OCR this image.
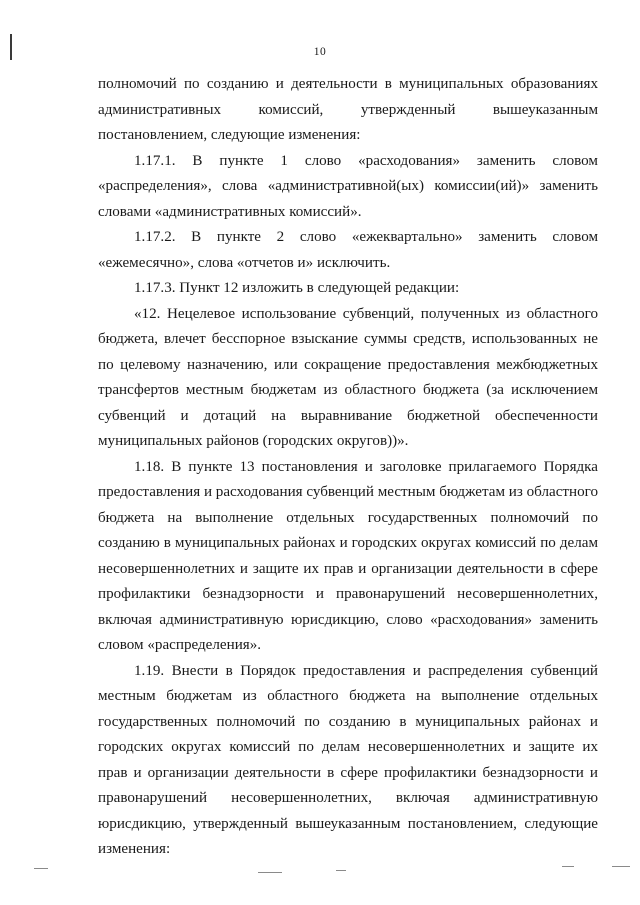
10

полномочий по созданию и деятельности в муниципальных образованиях административных комиссий, утвержденный вышеуказанным постановлением, следующие изменения:

1.17.1. В пункте 1 слово «расходования» заменить словом «распределения», слова «административной(ых) комиссии(ий)» заменить словами «административных комиссий».

1.17.2. В пункте 2 слово «ежеквартально» заменить словом «ежемесячно», слова «отчетов и» исключить.

1.17.3. Пункт 12 изложить в следующей редакции:

«12. Нецелевое использование субвенций, полученных из областного бюджета, влечет бесспорное взыскание суммы средств, использованных не по целевому назначению, или сокращение предоставления межбюджетных трансфертов местным бюджетам из областного бюджета (за исключением субвенций и дотаций на выравнивание бюджетной обеспеченности муниципальных районов (городских округов))».

1.18. В пункте 13 постановления и заголовке прилагаемого Порядка предоставления и расходования субвенций местным бюджетам из областного бюджета на выполнение отдельных государственных полномочий по созданию в муниципальных районах и городских округах комиссий по делам несовершеннолетних и защите их прав и организации деятельности в сфере профилактики безнадзорности и правонарушений несовершеннолетних, включая административную юрисдикцию, слово «расходования» заменить словом «распределения».

1.19. Внести в Порядок предоставления и распределения субвенций местным бюджетам из областного бюджета на выполнение отдельных государственных полномочий по созданию в муниципальных районах и городских округах комиссий по делам несовершеннолетних и защите их прав и организации деятельности в сфере профилактики безнадзорности и правонарушений несовершеннолетних, включая административную юрисдикцию, утвержденный вышеуказанным постановлением, следующие изменения:
